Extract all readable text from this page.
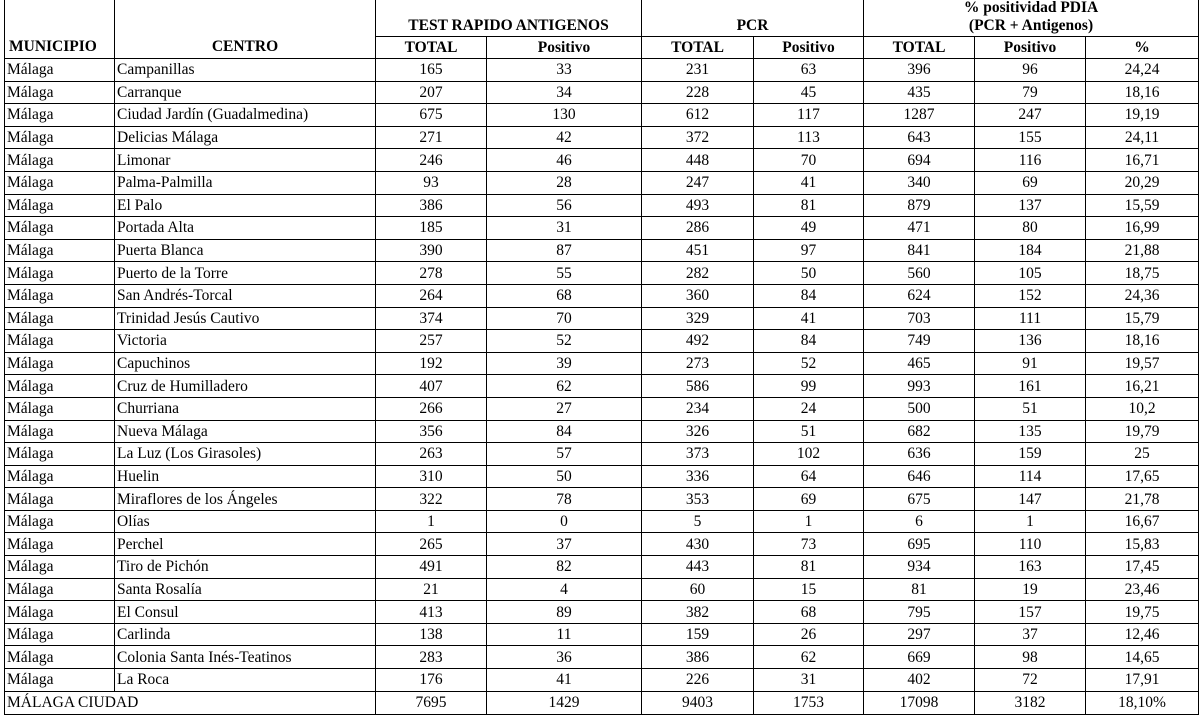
MUNICIPIO	CENTRO	TEST RAPIDO ANTIGENOS		PCR		% positividad PDIA
(PCR + Antigenos)		

		TOTAL	Positivo	TOTAL	Positivo	TOTAL	Positivo	%
Málaga	Campanillas	165	33	231	63	396	96	24,24
Málaga	Carranque	207	34	228	45	435	79	18,16
Málaga	Ciudad Jardín (Guadalmedina)	675	130	612	117	1287	247	19,19
Málaga	Delicias Málaga	271	42	372	113	643	155	24,11
Málaga	Limonar	246	46	448	70	694	116	16,71
Málaga	Palma-Palmilla	93	28	247	41	340	69	20,29
Málaga	El Palo	386	56	493	81	879	137	15,59
Málaga	Portada Alta	185	31	286	49	471	80	16,99
Málaga	Puerta Blanca	390	87	451	97	841	184	21,88
Málaga	Puerto de la Torre	278	55	282	50	560	105	18,75
Málaga	San Andrés-Torcal	264	68	360	84	624	152	24,36
Málaga	Trinidad Jesús Cautivo	374	70	329	41	703	111	15,79
Málaga	Victoria	257	52	492	84	749	136	18,16
Málaga	Capuchinos	192	39	273	52	465	91	19,57
Málaga	Cruz de Humilladero	407	62	586	99	993	161	16,21
Málaga	Churriana	266	27	234	24	500	51	10,2
Málaga	Nueva Málaga	356	84	326	51	682	135	19,79
Málaga	La Luz (Los Girasoles)	263	57	373	102	636	159	25
Málaga	Huelin	310	50	336	64	646	114	17,65
Málaga	Miraflores de los Ángeles	322	78	353	69	675	147	21,78
Málaga	Olías	1	0	5	1	6	1	16,67
Málaga	Perchel	265	37	430	73	695	110	15,83
Málaga	Tiro de Pichón	491	82	443	81	934	163	17,45
Málaga	Santa Rosalía	21	4	60	15	81	19	23,46
Málaga	El Consul	413	89	382	68	795	157	19,75
Málaga	Carlinda	138	11	159	26	297	37	12,46
Málaga	Colonia Santa Inés-Teatinos	283	36	386	62	669	98	14,65
Málaga	La Roca	176	41	226	31	402	72	17,91
MÁLAGA CIUDAD		7695	1429	9403	1753	17098	3182	18,10%
